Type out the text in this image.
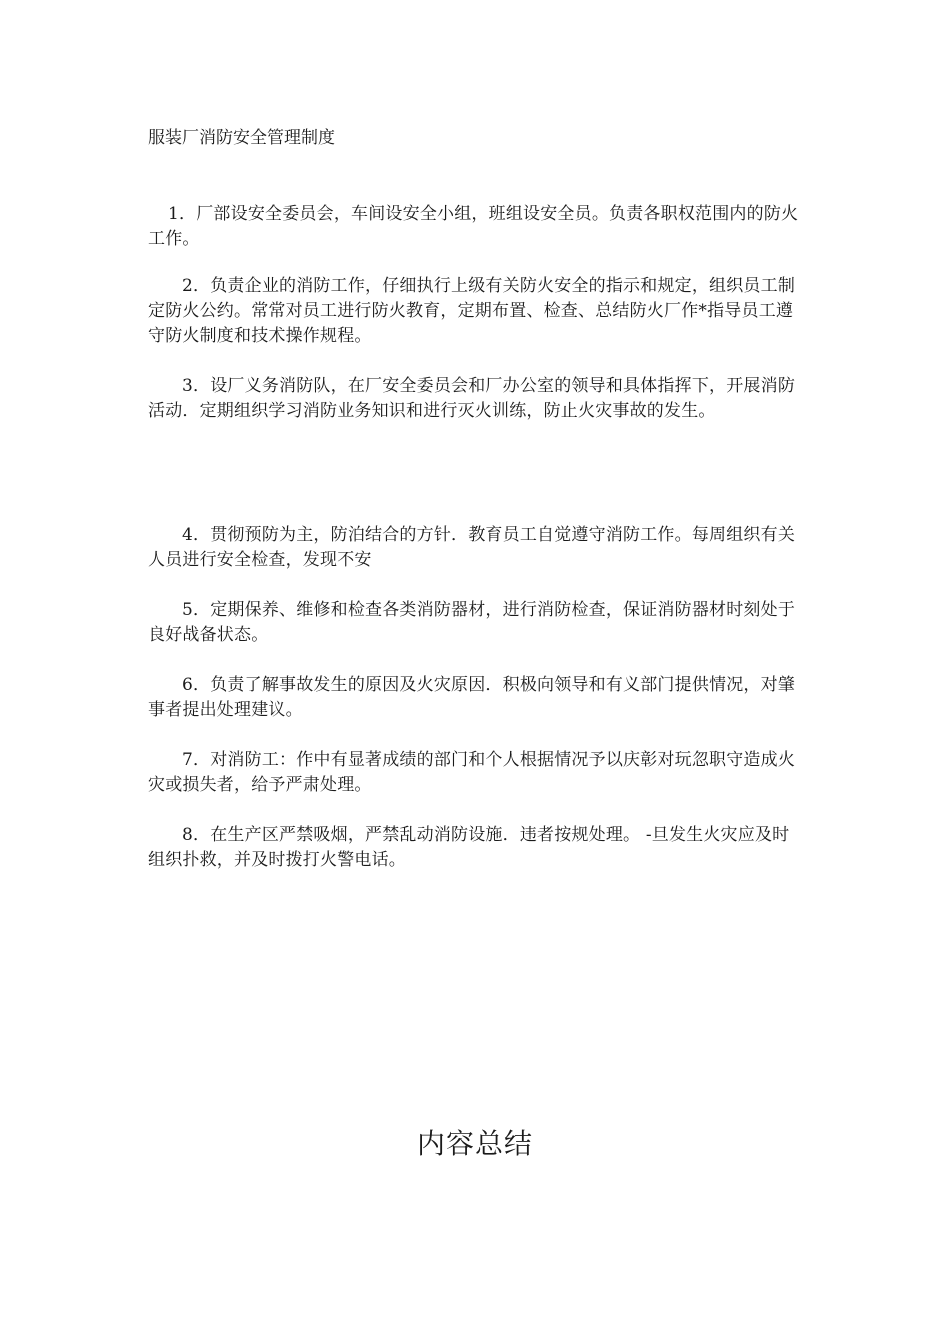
服装厂消防安全管理制度

1．厂部设安全委员会，车间设安全小组，班组设安全员。负责各职权范围内的防火工作。

2．负责企业的消防工作，仔细执行上级有关防火安全的指示和规定，组织员工制定防火公约。常常对员工进行防火教育，定期布置、检查、总结防火厂作*指导员工遵守防火制度和技术操作规程。

3．设厂义务消防队，在厂安全委员会和厂办公室的领导和具体指挥下，开展消防活动．定期组织学习消防业务知识和进行灭火训练，防止火灾事故的发生。

4．贯彻预防为主，防泊结合的方针．教育员工自觉遵守消防工作。每周组织有关人员进行安全检查，发现不安

5．定期保养、维修和检查各类消防器材，进行消防检查，保证消防器材时刻处于良好战备状态。

6．负责了解事故发生的原因及火灾原因．积极向领导和有义部门提供情况，对肇事者提出处理建议。

7．对消防工：作中有显著成绩的部门和个人根据情况予以庆彰对玩忽职守造成火灾或损失者，给予严肃处理。

8．在生产区严禁吸烟，严禁乱动消防设施．违者按规处理。 -旦发生火灾应及时组织扑救，并及时拨打火警电话。

内容总结
